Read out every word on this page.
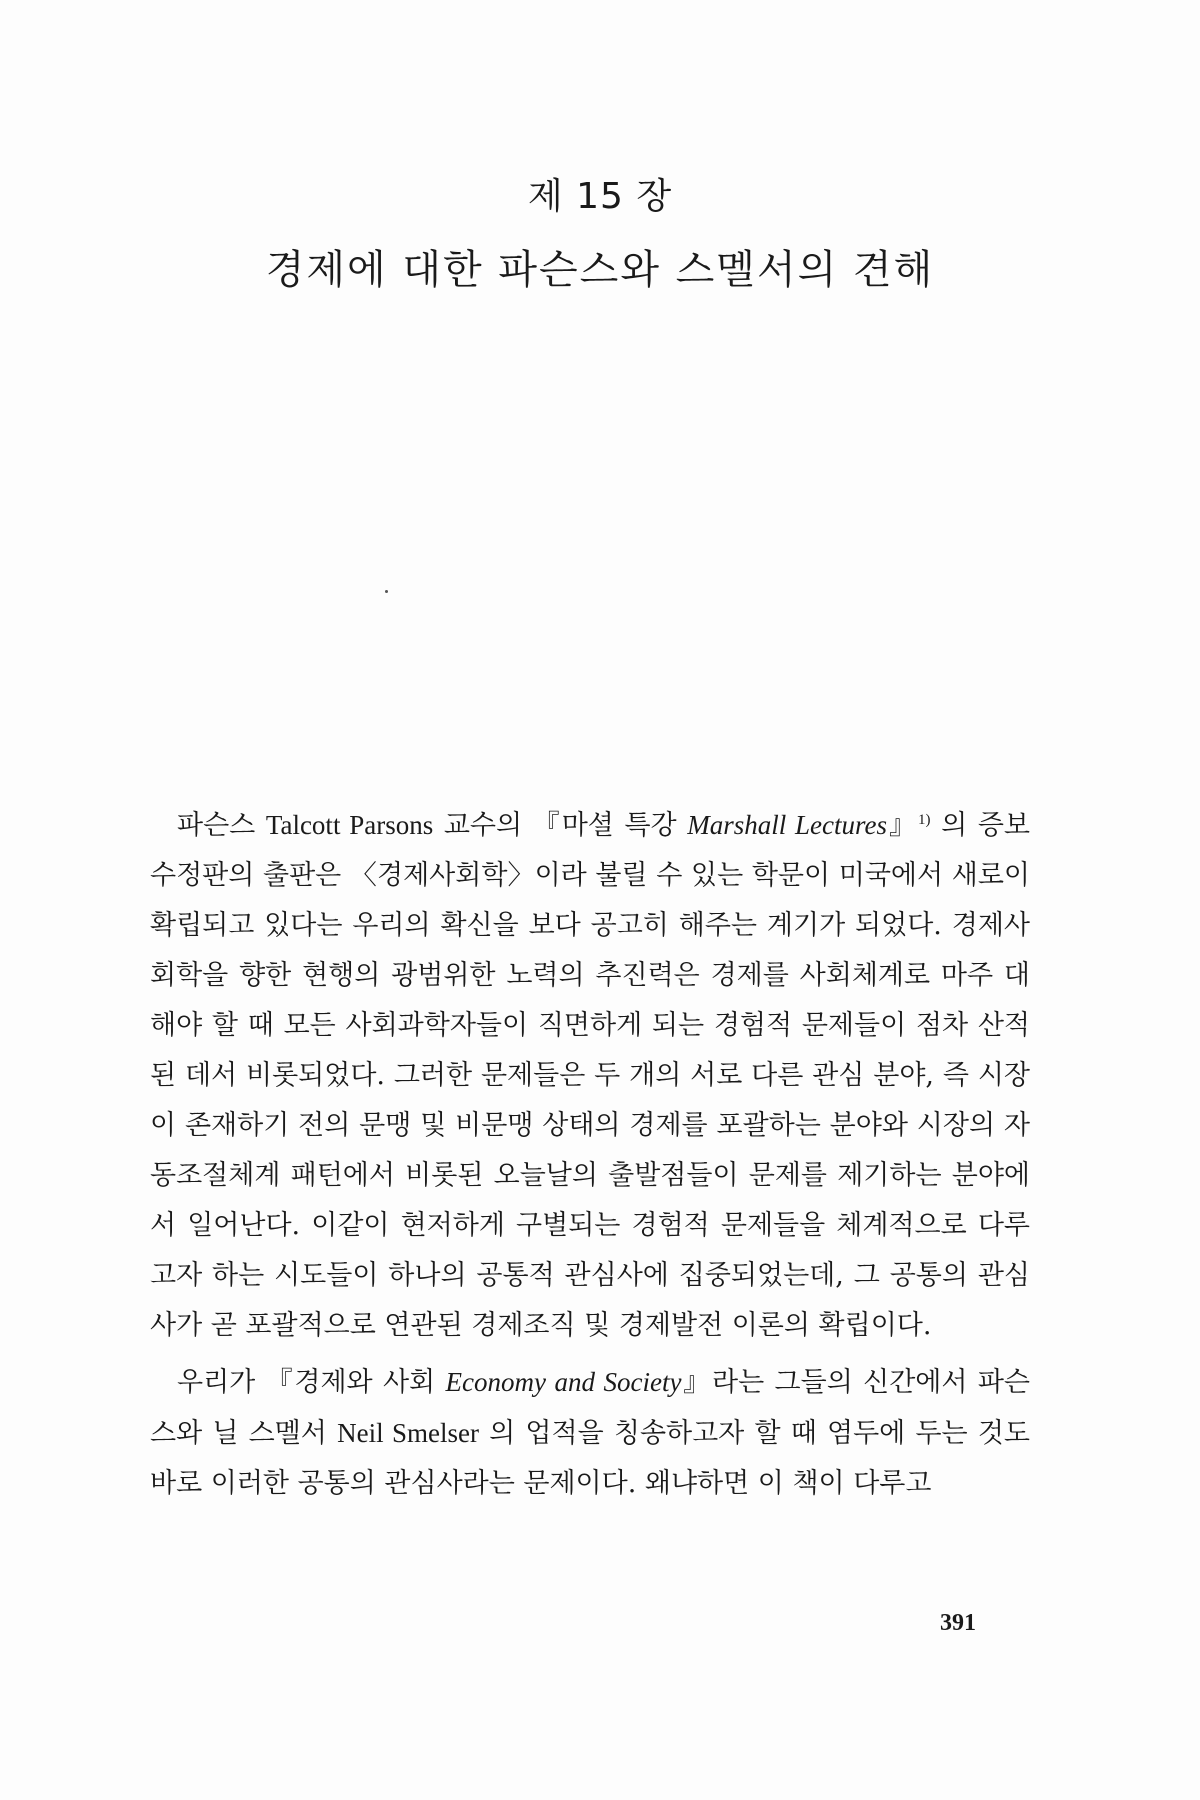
제 15 장
경제에 대한 파슨스와 스멜서의 견해

파슨스 Talcott Parsons 교수의 『마셜 특강 Marshall Lectures』$^{1)}$ 의 증보 수정판의 출판은 〈경제사회학〉이라 불릴 수 있는 학문이 미국에서 새로이 확립되고 있다는 우리의 확신을 보다 공고히 해주는 계기가 되었다. 경제사회학을 향한 현행의 광범위한 노력의 추진력은 경제를 사회체계로 마주 대해야 할 때 모든 사회과학자들이 직면하게 되는 경험적 문제들이 점차 산적된 데서 비롯되었다. 그러한 문제들은 두 개의 서로 다른 관심 분야, 즉 시장이 존재하기 전의 문맹 및 비문맹 상태의 경제를 포괄하는 분야와 시장의 자동조절체계 패턴에서 비롯된 오늘날의 출발점들이 문제를 제기하는 분야에서 일어난다. 이같이 현저하게 구별되는 경험적 문제들을 체계적으로 다루고자 하는 시도들이 하나의 공통적 관심사에 집중되었는데, 그 공통의 관심사가 곧 포괄적으로 연관된 경제조직 및 경제발전 이론의 확립이다.

우리가 『경제와 사회 Economy and Society』라는 그들의 신간에서 파슨스와 닐 스멜서 Neil Smelser 의 업적을 칭송하고자 할 때 염두에 두는 것도 바로 이러한 공통의 관심사라는 문제이다. 왜냐하면 이 책이 다루고

391
